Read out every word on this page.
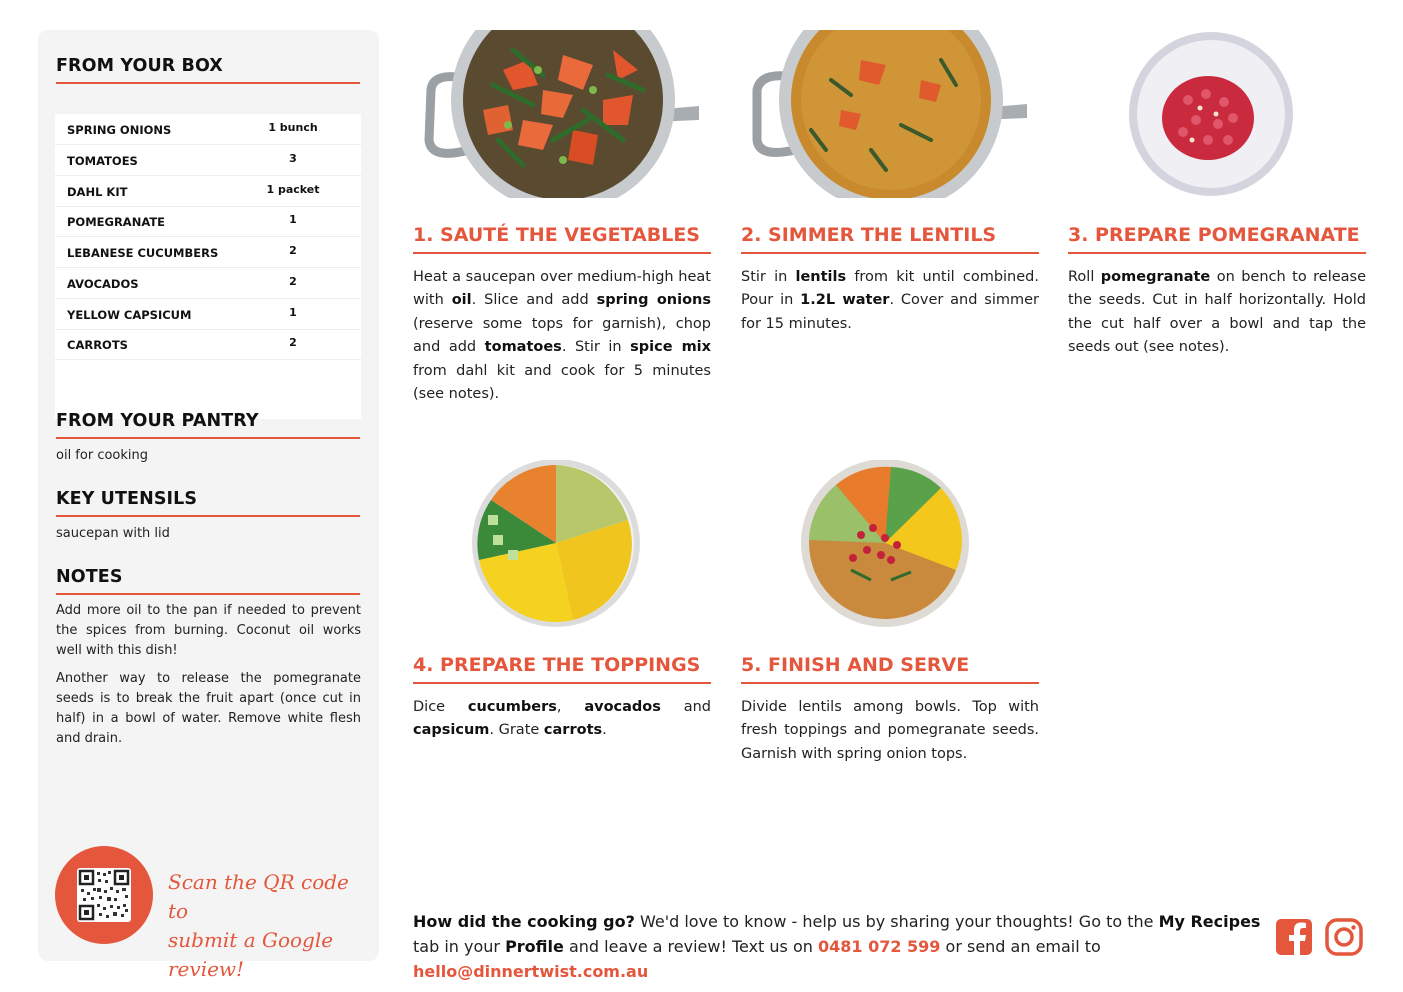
FROM YOUR BOX
SPRING ONIONS	1 bunch
TOMATOES	3
DAHL KIT	1 packet
POMEGRANATE	1
LEBANESE CUCUMBERS	2
AVOCADOS	2
YELLOW CAPSICUM	1
CARROTS	2
FROM YOUR PANTRY
oil for cooking
KEY UTENSILS
saucepan with lid
NOTES

Add more oil to the pan if needed to prevent the spices from burning. Coconut oil works well with this dish!

Another way to release the pomegranate seeds is to break the fruit apart (once cut in half) in a bowl of water. Remove white flesh and drain.

Scan the QR code to
submit a Google review!
1. SAUTÉ THE VEGETABLES
Heat a saucepan over medium-high heat with oil. Slice and add spring onions (reserve some tops for garnish), chop and add tomatoes. Stir in spice mix from dahl kit and cook for 5 minutes (see notes).
2. SIMMER THE LENTILS
Stir in lentils from kit until combined. Pour in 1.2L water. Cover and simmer for 15 minutes.
3. PREPARE POMEGRANATE
Roll pomegranate on bench to release the seeds. Cut in half horizontally. Hold the cut half over a bowl and tap the seeds out (see notes).
4. PREPARE THE TOPPINGS
Dice cucumbers, avocados and capsicum. Grate carrots.
5. FINISH AND SERVE
Divide lentils among bowls. Top with fresh toppings and pomegranate seeds. Garnish with spring onion tops.
How did the cooking go? We'd love to know - help us by sharing your thoughts! Go to the My Recipes tab in your Profile and leave a review! Text us on 0481 072 599 or send an email to hello@dinnertwist.com.au
